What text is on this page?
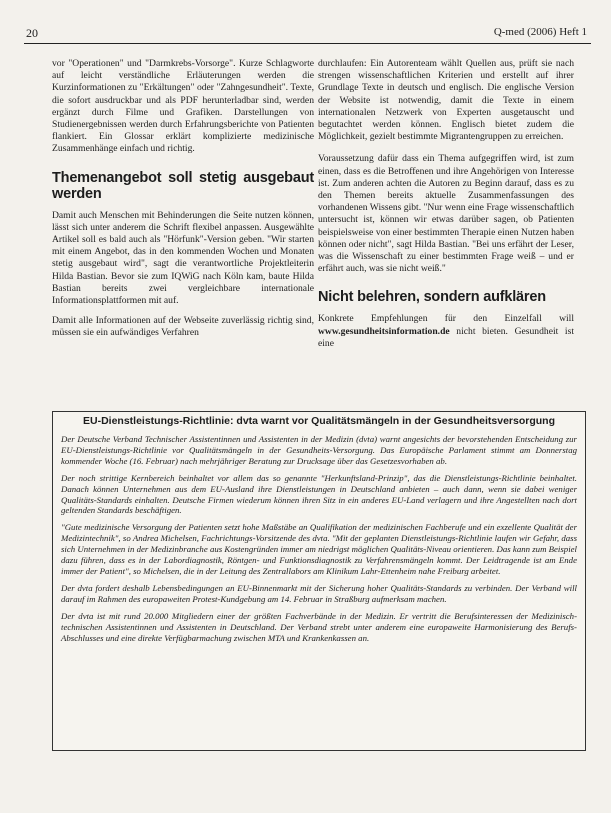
20	Q-med (2006) Heft 1

vor "Operationen" und "Darmkrebs-Vorsorge". Kurze Schlagworte auf leicht verständliche Erläuterungen werden die Kurzinformationen zu "Erkältungen" oder "Zahngesundheit". Texte, die sofort ausdruckbar und als PDF herunterladbar sind, werden ergänzt durch Filme und Grafiken. Darstellungen von Studienergebnissen werden durch Erfahrungsberichte von Patienten flankiert. Ein Glossar erklärt komplizierte medizinische Zusammenhänge einfach und richtig.

Themenangebot soll stetig ausgebaut werden

Damit auch Menschen mit Behinderungen die Seite nutzen können, lässt sich unter anderem die Schrift flexibel anpassen. Ausgewählte Artikel soll es bald auch als "Hörfunk"-Version geben. "Wir starten mit einem Angebot, das in den kommenden Wochen und Monaten stetig ausgebaut wird", sagt die verantwortliche Projektleiterin Hilda Bastian. Bevor sie zum IQWiG nach Köln kam, baute Hilda Bastian bereits zwei vergleichbare internationale Informationsplattformen mit auf.

Damit alle Informationen auf der Webseite zuverlässig richtig sind, müssen sie ein aufwändiges Verfahren

durchlaufen: Ein Autorenteam wählt Quellen aus, prüft sie nach strengen wissenschaftlichen Kriterien und erstellt auf ihrer Grundlage Texte in deutsch und englisch. Die englische Version der Website ist notwendig, damit die Texte in einem internationalen Netzwerk von Experten ausgetauscht und begutachtet werden können. Englisch bietet zudem die Möglichkeit, gezielt bestimmte Migrantengruppen zu erreichen.

Voraussetzung dafür dass ein Thema aufgegriffen wird, ist zum einen, dass es die Betroffenen und ihre Angehörigen von Interesse ist. Zum anderen achten die Autoren zu Beginn darauf, dass es zu den Themen bereits aktuelle Zusammenfassungen des vorhandenen Wissens gibt. "Nur wenn eine Frage wissenschaftlich untersucht ist, können wir etwas darüber sagen, ob Patienten beispielsweise von einer bestimmten Therapie einen Nutzen haben können oder nicht", sagt Hilda Bastian. "Bei uns erfährt der Leser, was die Wissenschaft zu einer bestimmten Frage weiß – und er erfährt auch, was sie nicht weiß."

Nicht belehren, sondern aufklären

Konkrete Empfehlungen für den Einzelfall will www.gesundheitsinformation.de nicht bieten. Gesundheit ist eine

EU-Dienstleistungs-Richtlinie: dvta warnt vor Qualitätsmängeln in der Gesundheitsversorgung

Der Deutsche Verband Technischer Assistentinnen und Assistenten in der Medizin (dvta) warnt angesichts der bevorstehenden Entscheidung zur EU-Dienstleistungs-Richtlinie vor Qualitätsmängeln in der Gesundheits-Versorgung. Das Europäische Parlament stimmt am Donnerstag kommender Woche (16. Februar) nach mehrjähriger Beratung zur Drucksage über das Gesetzesvorhaben ab.

Der noch strittige Kernbereich beinhaltet vor allem das so genannte "Herkunftsland-Prinzip", das die Dienstleistungs-Richtlinie beinhaltet. Danach können Unternehmen aus dem EU-Ausland ihre Dienstleistungen in Deutschland anbieten – auch dann, wenn sie dabei weniger Qualitäts-Standards einhalten. Deutsche Firmen wiederum können ihren Sitz in ein anderes EU-Land verlagern und ihre Angestellten nach dort geltenden Standards beschäftigen.

"Gute medizinische Versorgung der Patienten setzt hohe Maßstäbe an Qualifikation der medizinischen Fachberufe und ein exzellente Qualität der Medizintechnik", so Andrea Michelsen, Fachrichtungs-Vorsitzende des dvta. "Mit der geplanten Dienstleistungs-Richtlinie laufen wir Gefahr, dass sich Unternehmen in der Medizinbranche aus Kostengründen immer am niedrigst möglichen Qualitäts-Niveau orientieren. Das kann zum Beispiel dazu führen, dass es in der Labordiagnostik, Röntgen- und Funktionsdiagnostik zu Verfahrensmängeln kommt. Der Leidtragende ist am Ende immer der Patient", so Michelsen, die in der Leitung des Zentrallabors am Klinikum Lahr-Ettenheim nahe Freiburg arbeitet.

Der dvta fordert deshalb Lebensbedingungen an EU-Binnenmarkt mit der Sicherung hoher Qualitäts-Standards zu verbinden. Der Verband will darauf im Rahmen des europaweiten Protest-Kundgebung am 14. Februar in Straßburg aufmerksam machen.

Der dvta ist mit rund 20.000 Mitgliedern einer der größten Fachverbände in der Medizin. Er vertritt die Berufsinteressen der Medizinisch-technischen Assistentinnen und Assistenten in Deutschland. Der Verband strebt unter anderem eine europaweite Harmonisierung des Berufs-Abschlusses und eine direkte Verfügbarmachung zwischen MTA und Krankenkassen an.
